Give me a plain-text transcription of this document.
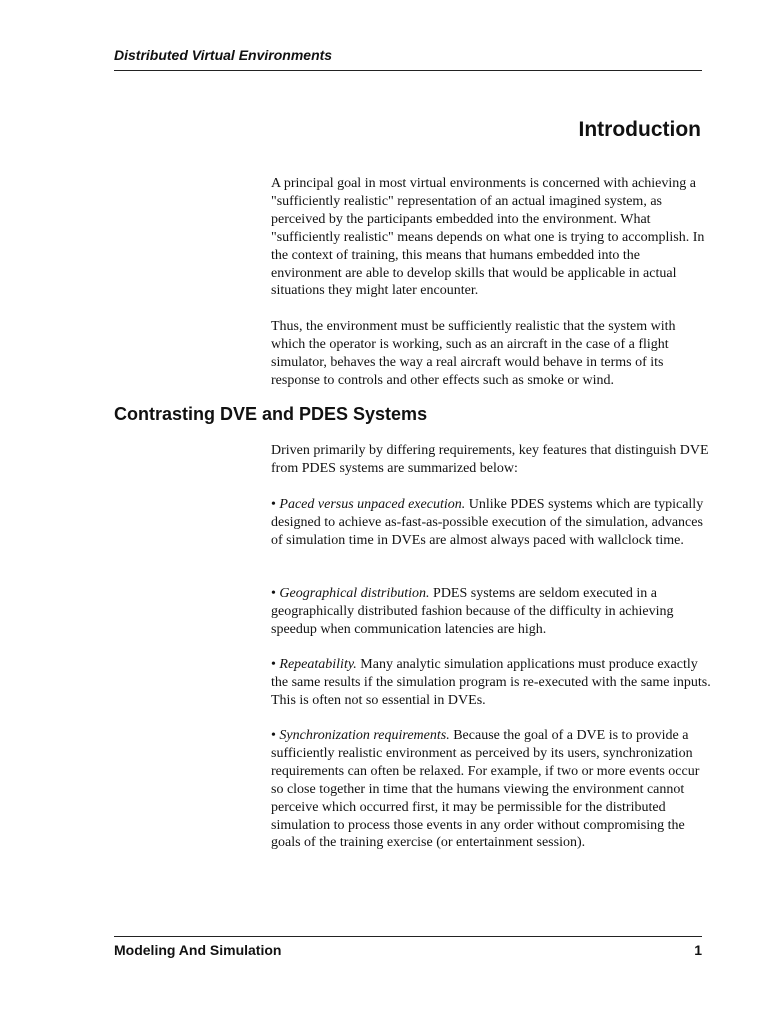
Distributed Virtual Environments
Introduction

A principal goal in most virtual environments is concerned with achieving a "sufficiently realistic" representation of an actual imagined system, as perceived by the participants embedded into the environment. What "sufficiently realistic" means depends on what one is trying to accomplish. In the context of training, this means that humans embedded into the environment are able to develop skills that would be applicable in actual situations they might later encounter.

Thus, the environment must be sufficiently realistic that the system with which the operator is working, such as an aircraft in the case of a flight simulator, behaves the way a real aircraft would behave in terms of its response to controls and other effects such as smoke or wind.

Contrasting DVE and PDES Systems

Driven primarily by differing requirements, key features that distinguish DVE from PDES systems are summarized below:

• Paced versus unpaced execution. Unlike PDES systems which are typically designed to achieve as-fast-as-possible execution of the simulation, advances of simulation time in DVEs are almost always paced with wallclock time.

• Geographical distribution. PDES systems are seldom executed in a geographically distributed fashion because of the difficulty in achieving speedup when communication latencies are high.

• Repeatability. Many analytic simulation applications must produce exactly the same results if the simulation program is re-executed with the same inputs. This is often not so essential in DVEs.

• Synchronization requirements. Because the goal of a DVE is to provide a sufficiently realistic environment as perceived by its users, synchronization requirements can often be relaxed. For example, if two or more events occur so close together in time that the humans viewing the environment cannot perceive which occurred first, it may be permissible for the distributed simulation to process those events in any order without compromising the goals of the training exercise (or entertainment session).

Modeling And Simulation	1
